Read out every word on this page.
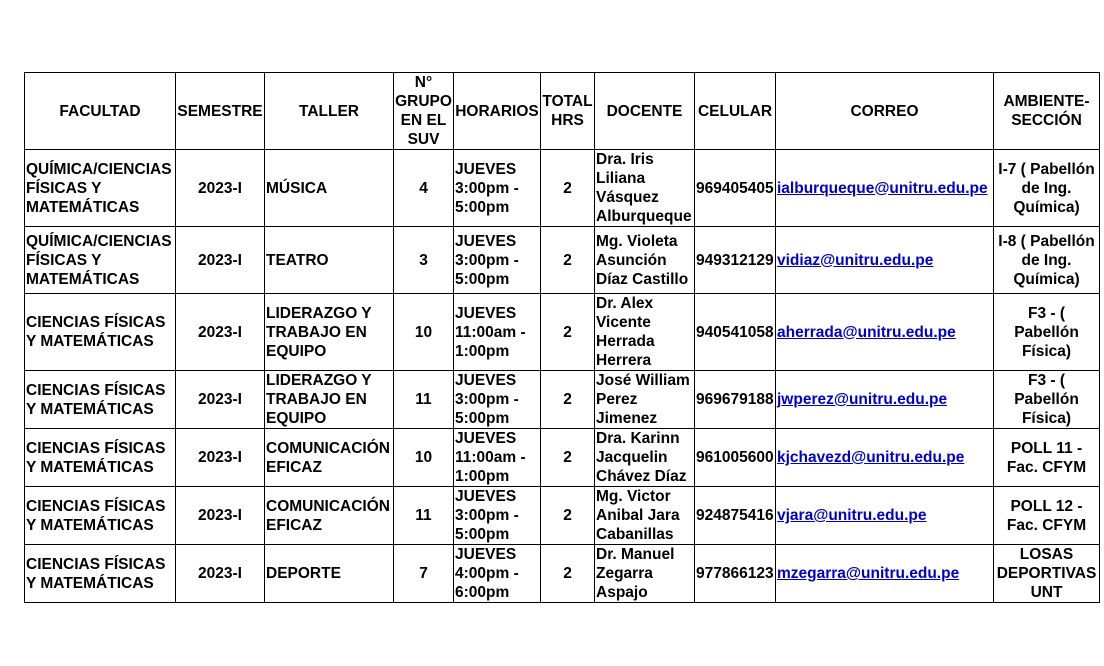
FACULTAD	SEMESTRE	TALLER	N° GRUPO EN EL SUV	HORARIOS	TOTAL HRS	DOCENTE	CELULAR	CORREO	AMBIENTE-SECCIÓN
QUÍMICA/CIENCIAS FÍSICAS Y MATEMÁTICAS	2023-I	MÚSICA	4	JUEVES 3:00pm - 5:00pm	2	Dra. Iris Liliana Vásquez Alburqueque	969405405	ialburqueque@unitru.edu.pe	I-7 ( Pabellón de Ing. Química)
QUÍMICA/CIENCIAS FÍSICAS Y MATEMÁTICAS	2023-I	TEATRO	3	JUEVES 3:00pm - 5:00pm	2	Mg. Violeta Asunción Díaz Castillo	949312129	vidiaz@unitru.edu.pe	I-8 ( Pabellón de Ing. Química)
CIENCIAS FÍSICAS Y MATEMÁTICAS	2023-I	LIDERAZGO Y TRABAJO EN EQUIPO	10	JUEVES 11:00am - 1:00pm	2	Dr. Alex Vicente Herrada Herrera	940541058	aherrada@unitru.edu.pe	F3 - ( Pabellón Física)
CIENCIAS FÍSICAS Y MATEMÁTICAS	2023-I	LIDERAZGO Y TRABAJO EN EQUIPO	11	JUEVES 3:00pm - 5:00pm	2	José William Perez Jimenez	969679188	jwperez@unitru.edu.pe	F3 - ( Pabellón Física)
CIENCIAS FÍSICAS Y MATEMÁTICAS	2023-I	COMUNICACIÓN EFICAZ	10	JUEVES 11:00am - 1:00pm	2	Dra. Karinn Jacquelin Chávez Díaz	961005600	kjchavezd@unitru.edu.pe	POLL 11 - Fac. CFYM
CIENCIAS FÍSICAS Y MATEMÁTICAS	2023-I	COMUNICACIÓN EFICAZ	11	JUEVES 3:00pm - 5:00pm	2	Mg. Victor Anibal Jara Cabanillas	924875416	vjara@unitru.edu.pe	POLL 12 - Fac. CFYM
CIENCIAS FÍSICAS Y MATEMÁTICAS	2023-I	DEPORTE	7	JUEVES 4:00pm - 6:00pm	2	Dr. Manuel Zegarra Aspajo	977866123	mzegarra@unitru.edu.pe	LOSAS DEPORTIVAS UNT
